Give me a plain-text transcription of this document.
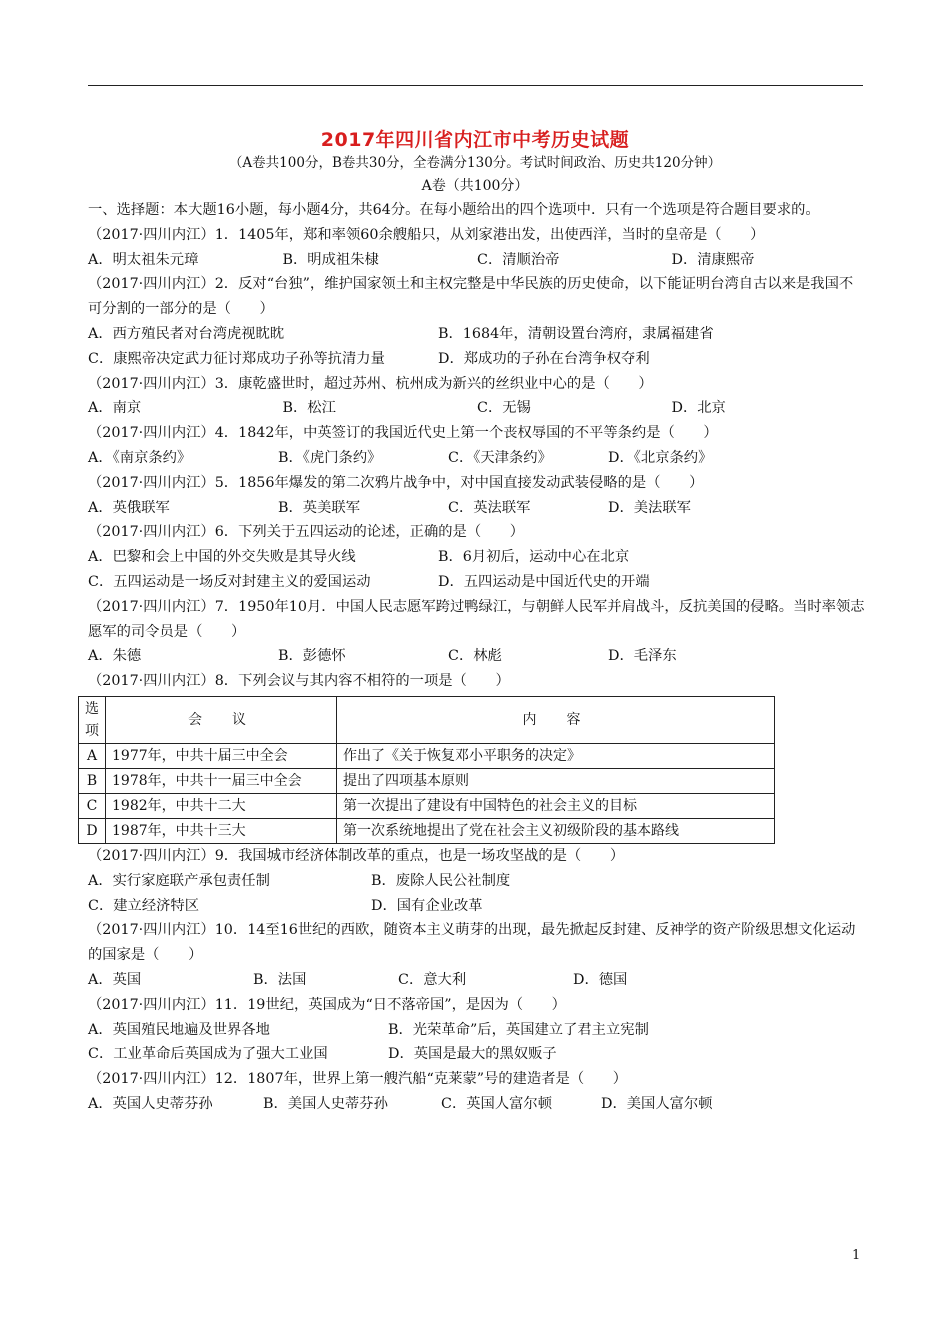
2017年四川省内江市中考历史试题
（A卷共100分，B卷共30分，全卷满分130分。考试时间政治、历史共120分钟）
A卷（共100分）

一、选择题：本大题16小题，每小题4分，共64分。在每小题给出的四个选项中．只有一个选项是符合题目要求的。

（2017·四川内江）1．1405年，郑和率领60余艘船只，从刘家港出发，出使西洋，当时的皇帝是（　　）

A．明太祖朱元璋	B．明成祖朱棣	C．清顺治帝	D．清康熙帝

（2017·四川内江）2．反对“台独”，维护国家领土和主权完整是中华民族的历史使命，以下能证明台湾自古以来是我国不可分割的一部分的是（　　）

A．西方殖民者对台湾虎视眈眈	B．1684年，清朝设置台湾府，隶属福建省
C．康熙帝决定武力征讨郑成功子孙等抗清力量	D．郑成功的子孙在台湾争权夺利

（2017·四川内江）3．康乾盛世时，超过苏州、杭州成为新兴的丝织业中心的是（　　）

A．南京	B．松江	C．无锡	D．北京

（2017·四川内江）4．1842年，中英签订的我国近代史上第一个丧权辱国的不平等条约是（　　）

A．《南京条约》	B．《虎门条约》	C．《天津条约》	D．《北京条约》

（2017·四川内江）5．1856年爆发的第二次鸦片战争中，对中国直接发动武装侵略的是（　　）

A．英俄联军	B．英美联军	C．英法联军	D．美法联军

（2017·四川内江）6．下列关于五四运动的论述，正确的是（　　）

A．巴黎和会上中国的外交失败是其导火线	B．6月初后，运动中心在北京
C．五四运动是一场反对封建主义的爱国运动	D．五四运动是中国近代史的开端

（2017·四川内江）7．1950年10月．中国人民志愿军跨过鸭绿江，与朝鲜人民军并肩战斗，反抗美国的侵略。当时率领志愿军的司令员是（　　）

A．朱德	B．彭德怀	C．林彪	D．毛泽东

（2017·四川内江）8．下列会议与其内容不相符的一项是（　　）

选项	会　议	内　容
A	1977年，中共十届三中全会	作出了《关于恢复邓小平职务的决定》
B	1978年，中共十一届三中全会	提出了四项基本原则
C	1982年，中共十二大	第一次提出了建设有中国特色的社会主义的目标
D	1987年，中共十三大	第一次系统地提出了党在社会主义初级阶段的基本路线

（2017·四川内江）9．我国城市经济体制改革的重点，也是一场攻坚战的是（　　）

A．实行家庭联产承包责任制	B．废除人民公社制度
C．建立经济特区	D．国有企业改革

（2017·四川内江）10．14至16世纪的西欧，随资本主义萌芽的出现，最先掀起反封建、反神学的资产阶级思想文化运动的国家是（　　）

A．英国	B．法国	C．意大利	D．德国

（2017·四川内江）11．19世纪，英国成为“日不落帝国”，是因为（　　）

A．英国殖民地遍及世界各地	B．光荣革命”后，英国建立了君主立宪制
C．工业革命后英国成为了强大工业国	D．英国是最大的黑奴贩子

（2017·四川内江）12．1807年，世界上第一艘汽船“克莱蒙”号的建造者是（　　）

A．英国人史蒂芬孙	B．美国人史蒂芬孙	C．英国人富尔顿	D．美国人富尔顿
1
